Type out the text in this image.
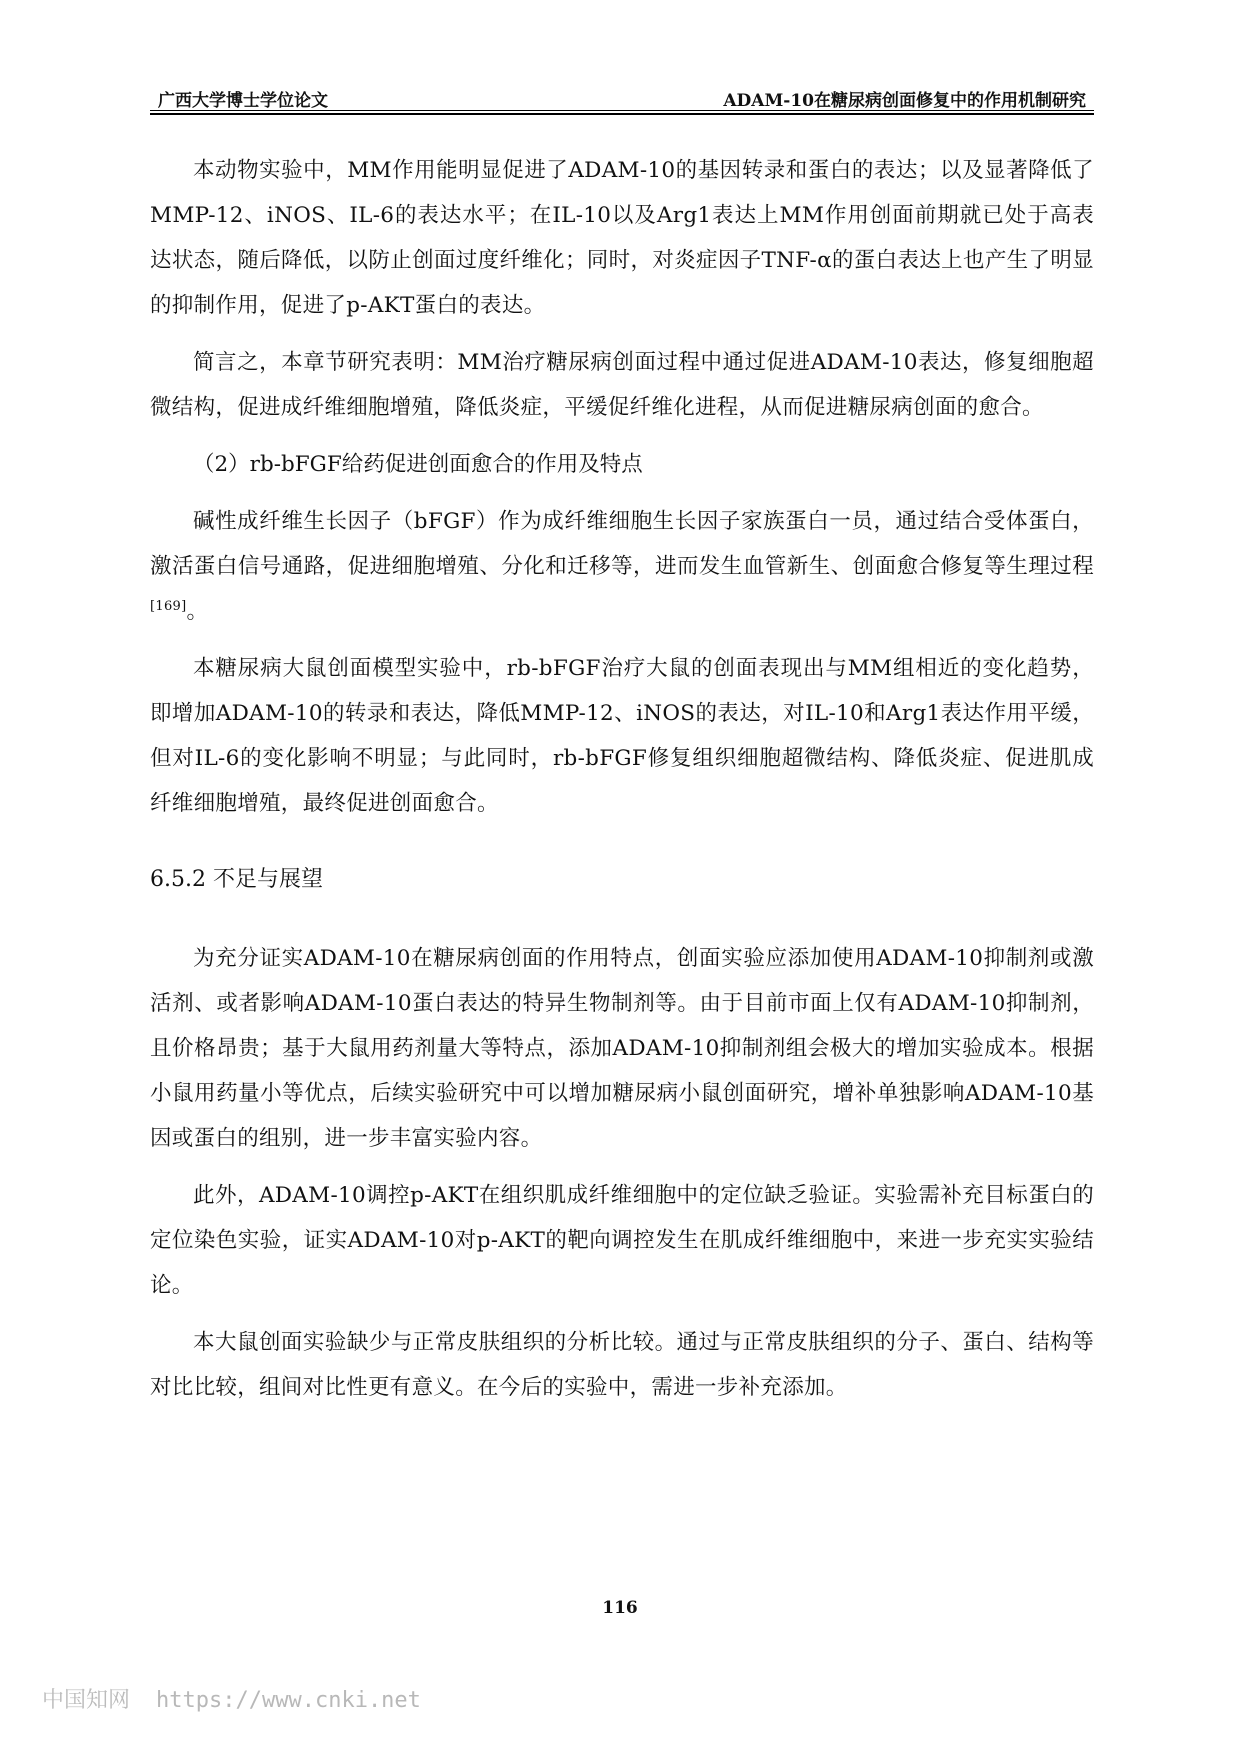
广西大学博士学位论文	ADAM-10在糖尿病创面修复中的作用机制研究

本动物实验中，MM作用能明显促进了ADAM-10的基因转录和蛋白的表达；以及显著降低了MMP-12、iNOS、IL-6的表达水平；在IL-10以及Arg1表达上MM作用创面前期就已处于高表达状态，随后降低，以防止创面过度纤维化；同时，对炎症因子TNF-α的蛋白表达上也产生了明显的抑制作用，促进了p-AKT蛋白的表达。

简言之，本章节研究表明：MM治疗糖尿病创面过程中通过促进ADAM-10表达，修复细胞超微结构，促进成纤维细胞增殖，降低炎症，平缓促纤维化进程，从而促进糖尿病创面的愈合。

（2）rb-bFGF给药促进创面愈合的作用及特点

碱性成纤维生长因子（bFGF）作为成纤维细胞生长因子家族蛋白一员，通过结合受体蛋白，激活蛋白信号通路，促进细胞增殖、分化和迁移等，进而发生血管新生、创面愈合修复等生理过程[169]。

本糖尿病大鼠创面模型实验中，rb-bFGF治疗大鼠的创面表现出与MM组相近的变化趋势，即增加ADAM-10的转录和表达，降低MMP-12、iNOS的表达，对IL-10和Arg1表达作用平缓，但对IL-6的变化影响不明显；与此同时，rb-bFGF修复组织细胞超微结构、降低炎症、促进肌成纤维细胞增殖，最终促进创面愈合。

6.5.2 不足与展望

为充分证实ADAM-10在糖尿病创面的作用特点，创面实验应添加使用ADAM-10抑制剂或激活剂、或者影响ADAM-10蛋白表达的特异生物制剂等。由于目前市面上仅有ADAM-10抑制剂，且价格昂贵；基于大鼠用药剂量大等特点，添加ADAM-10抑制剂组会极大的增加实验成本。根据小鼠用药量小等优点，后续实验研究中可以增加糖尿病小鼠创面研究，增补单独影响ADAM-10基因或蛋白的组别，进一步丰富实验内容。

此外，ADAM-10调控p-AKT在组织肌成纤维细胞中的定位缺乏验证。实验需补充目标蛋白的定位染色实验，证实ADAM-10对p-AKT的靶向调控发生在肌成纤维细胞中，来进一步充实实验结论。

本大鼠创面实验缺少与正常皮肤组织的分析比较。通过与正常皮肤组织的分子、蛋白、结构等对比比较，组间对比性更有意义。在今后的实验中，需进一步补充添加。

116
中国知网 https://www.cnki.net
